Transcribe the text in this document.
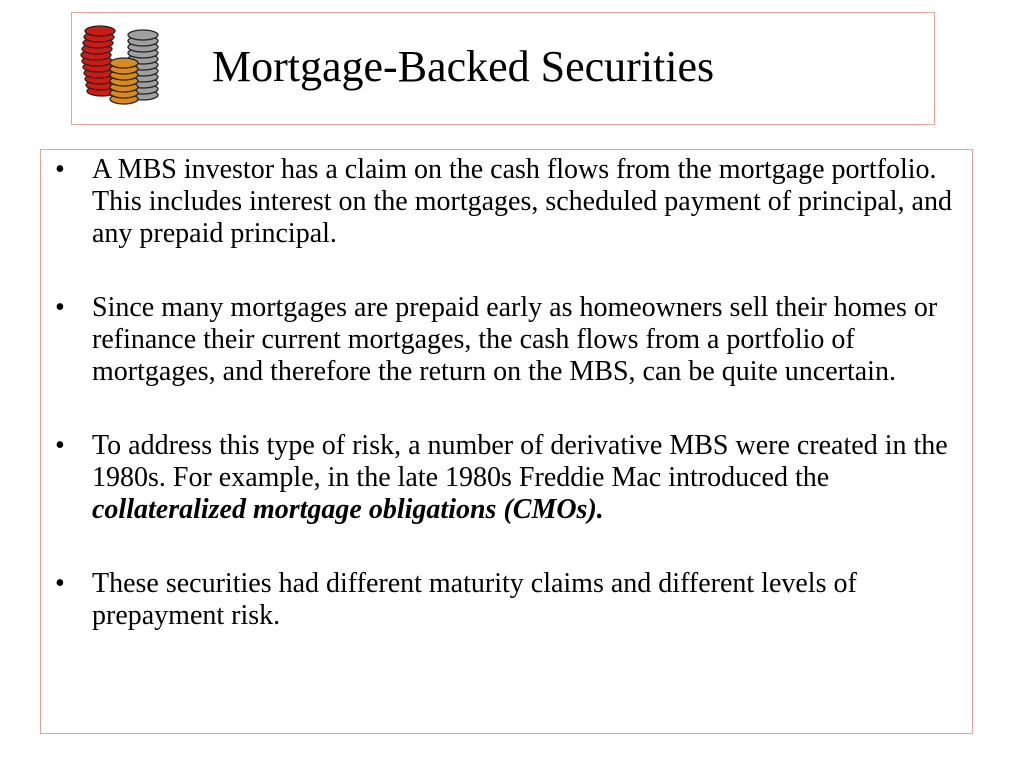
Mortgage-Backed Securities
• A MBS investor has a claim on the cash flows from the mortgage portfolio. This includes interest on the mortgages, scheduled payment of principal, and any prepaid principal.
• Since many mortgages are prepaid early as homeowners sell their homes or refinance their current mortgages, the cash flows from a portfolio of mortgages, and therefore the return on the MBS, can be quite uncertain.
• To address this type of risk, a number of derivative MBS were created in the 1980s. For example, in the late 1980s Freddie Mac introduced the collateralized mortgage obligations (CMOs).
• These securities had different maturity claims and different levels of prepayment risk.
